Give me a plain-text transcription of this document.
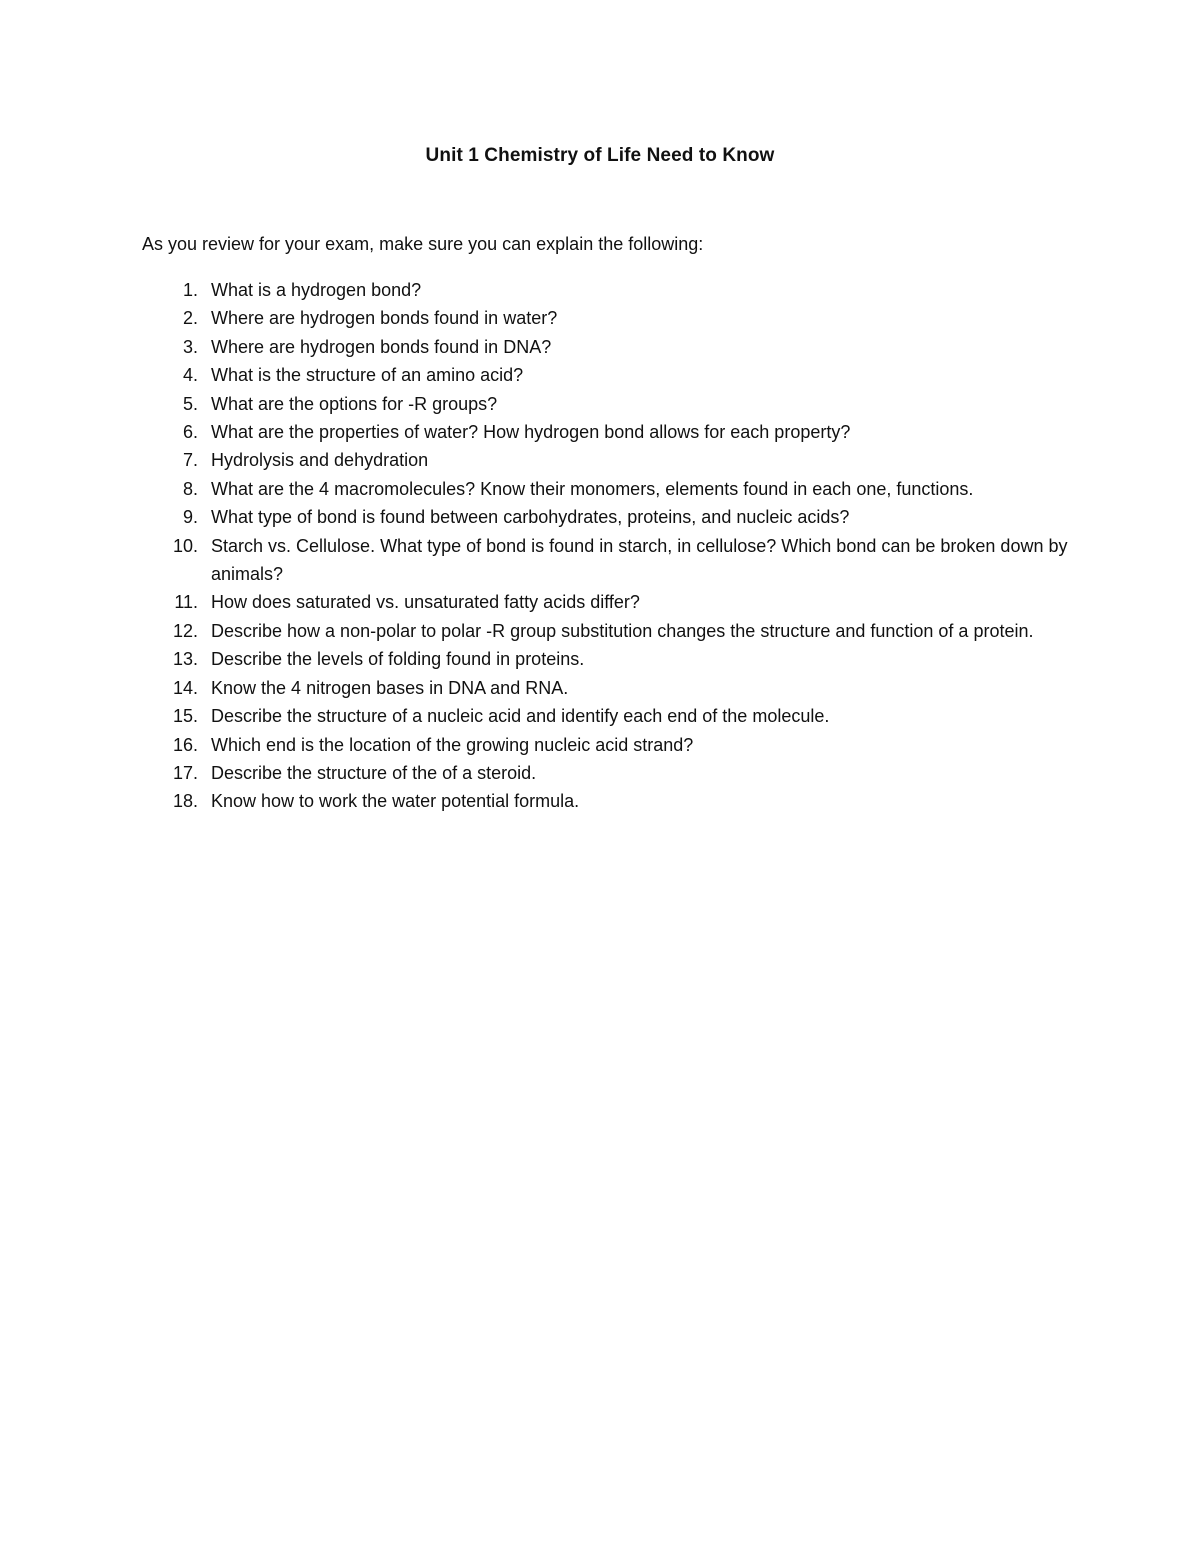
Unit 1 Chemistry of Life Need to Know
As you review for your exam, make sure you can explain the following:
1. What is a hydrogen bond?
2. Where are hydrogen bonds found in water?
3. Where are hydrogen bonds found in DNA?
4. What is the structure of an amino acid?
5. What are the options for -R groups?
6. What are the properties of water? How hydrogen bond allows for each property?
7. Hydrolysis and dehydration
8. What are the 4 macromolecules? Know their monomers, elements found in each one, functions.
9. What type of bond is found between carbohydrates, proteins, and nucleic acids?
10. Starch vs. Cellulose. What type of bond is found in starch, in cellulose? Which bond can be broken down by animals?
11. How does saturated vs. unsaturated fatty acids differ?
12. Describe how a non-polar to polar -R group substitution changes the structure and function of a protein.
13. Describe the levels of folding found in proteins.
14. Know the 4 nitrogen bases in DNA and RNA.
15. Describe the structure of a nucleic acid and identify each end of the molecule.
16. Which end is the location of the growing nucleic acid strand?
17. Describe the structure of the of a steroid.
18. Know how to work the water potential formula.
